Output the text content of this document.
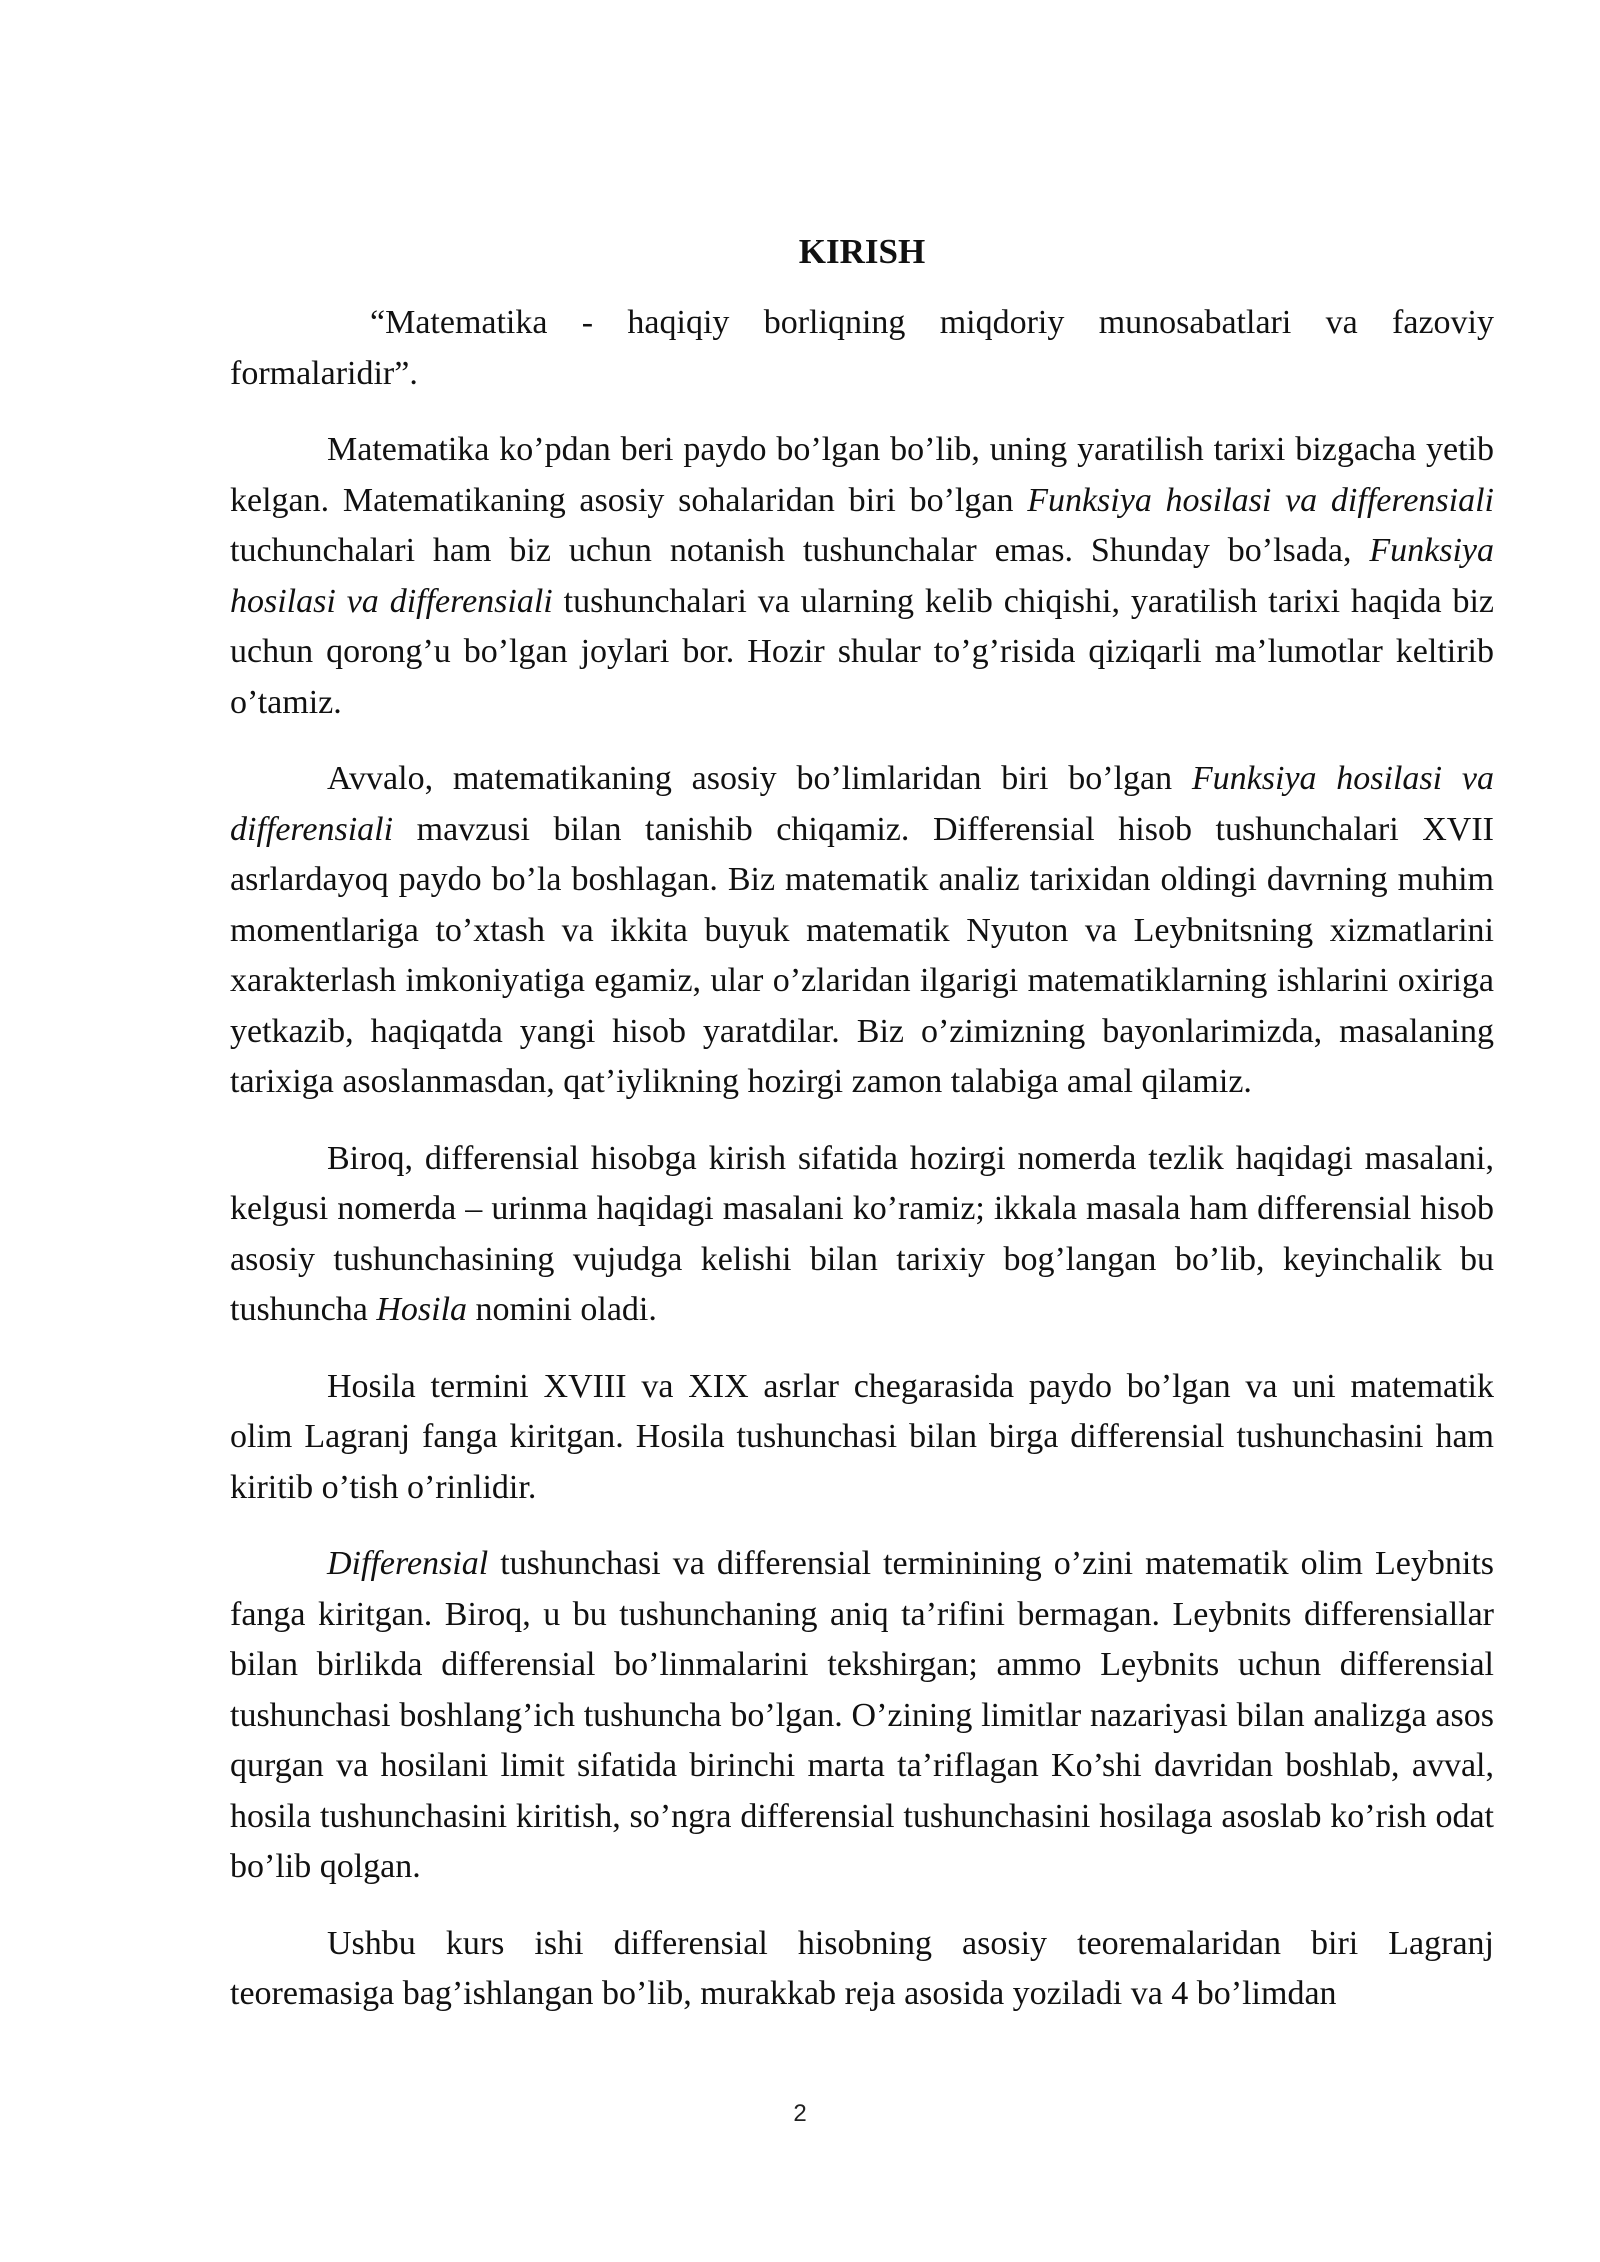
KIRISH

“Matematika - haqiqiy borliqning miqdoriy munosabatlari va fazoviy formalaridir”.

Matematika ko’pdan beri paydo bo’lgan bo’lib, uning yaratilish tarixi bizgacha yetib kelgan. Matematikaning asosiy sohalaridan biri bo’lgan Funksiya hosilasi va differensiali tuchunchalari ham biz uchun notanish tushunchalar emas. Shunday bo’lsada, Funksiya hosilasi va differensiali tushunchalari va ularning kelib chiqishi, yaratilish tarixi haqida biz uchun qorong’u bo’lgan joylari bor. Hozir shular to’g’risida qiziqarli ma’lumotlar keltirib o’tamiz.

Avvalo, matematikaning asosiy bo’limlaridan biri bo’lgan Funksiya hosilasi va differensiali mavzusi bilan tanishib chiqamiz. Differensial hisob tushunchalari XVII asrlardayoq paydo bo’la boshlagan. Biz matematik analiz tarixidan oldingi davrning muhim momentlariga to’xtash va ikkita buyuk matematik Nyuton va Leybnitsning xizmatlarini xarakterlash imkoniyatiga egamiz, ular o’zlaridan ilgarigi matematiklarning ishlarini oxiriga yetkazib, haqiqatda yangi hisob yaratdilar. Biz o’zimizning bayonlarimizda, masalaning tarixiga asoslanmasdan, qat’iylikning hozirgi zamon talabiga amal qilamiz.

Biroq, differensial hisobga kirish sifatida hozirgi nomerda tezlik haqidagi masalani, kelgusi nomerda – urinma haqidagi masalani ko’ramiz; ikkala masala ham differensial hisob asosiy tushunchasining vujudga kelishi bilan tarixiy bog’langan bo’lib, keyinchalik bu tushuncha Hosila nomini oladi.

Hosila termini XVIII va XIX asrlar chegarasida paydo bo’lgan va uni matematik olim Lagranj fanga kiritgan. Hosila tushunchasi bilan birga differensial tushunchasini ham kiritib o’tish o’rinlidir.

Differensial tushunchasi va differensial terminining o’zini matematik olim Leybnits fanga kiritgan. Biroq, u bu tushunchaning aniq ta’rifini bermagan. Leybnits differensiallar bilan birlikda differensial bo’linmalarini tekshirgan; ammo Leybnits uchun differensial tushunchasi boshlang’ich tushuncha bo’lgan. O’zining limitlar nazariyasi bilan analizga asos qurgan va hosilani limit sifatida birinchi marta ta’riflagan Ko’shi davridan boshlab, avval, hosila tushunchasini kiritish, so’ngra differensial tushunchasini hosilaga asoslab ko’rish odat bo’lib qolgan.

Ushbu kurs ishi differensial hisobning asosiy teoremalaridan biri Lagranj teoremasiga bag’ishlangan bo’lib, murakkab reja asosida yoziladi va 4 bo’limdan

2
